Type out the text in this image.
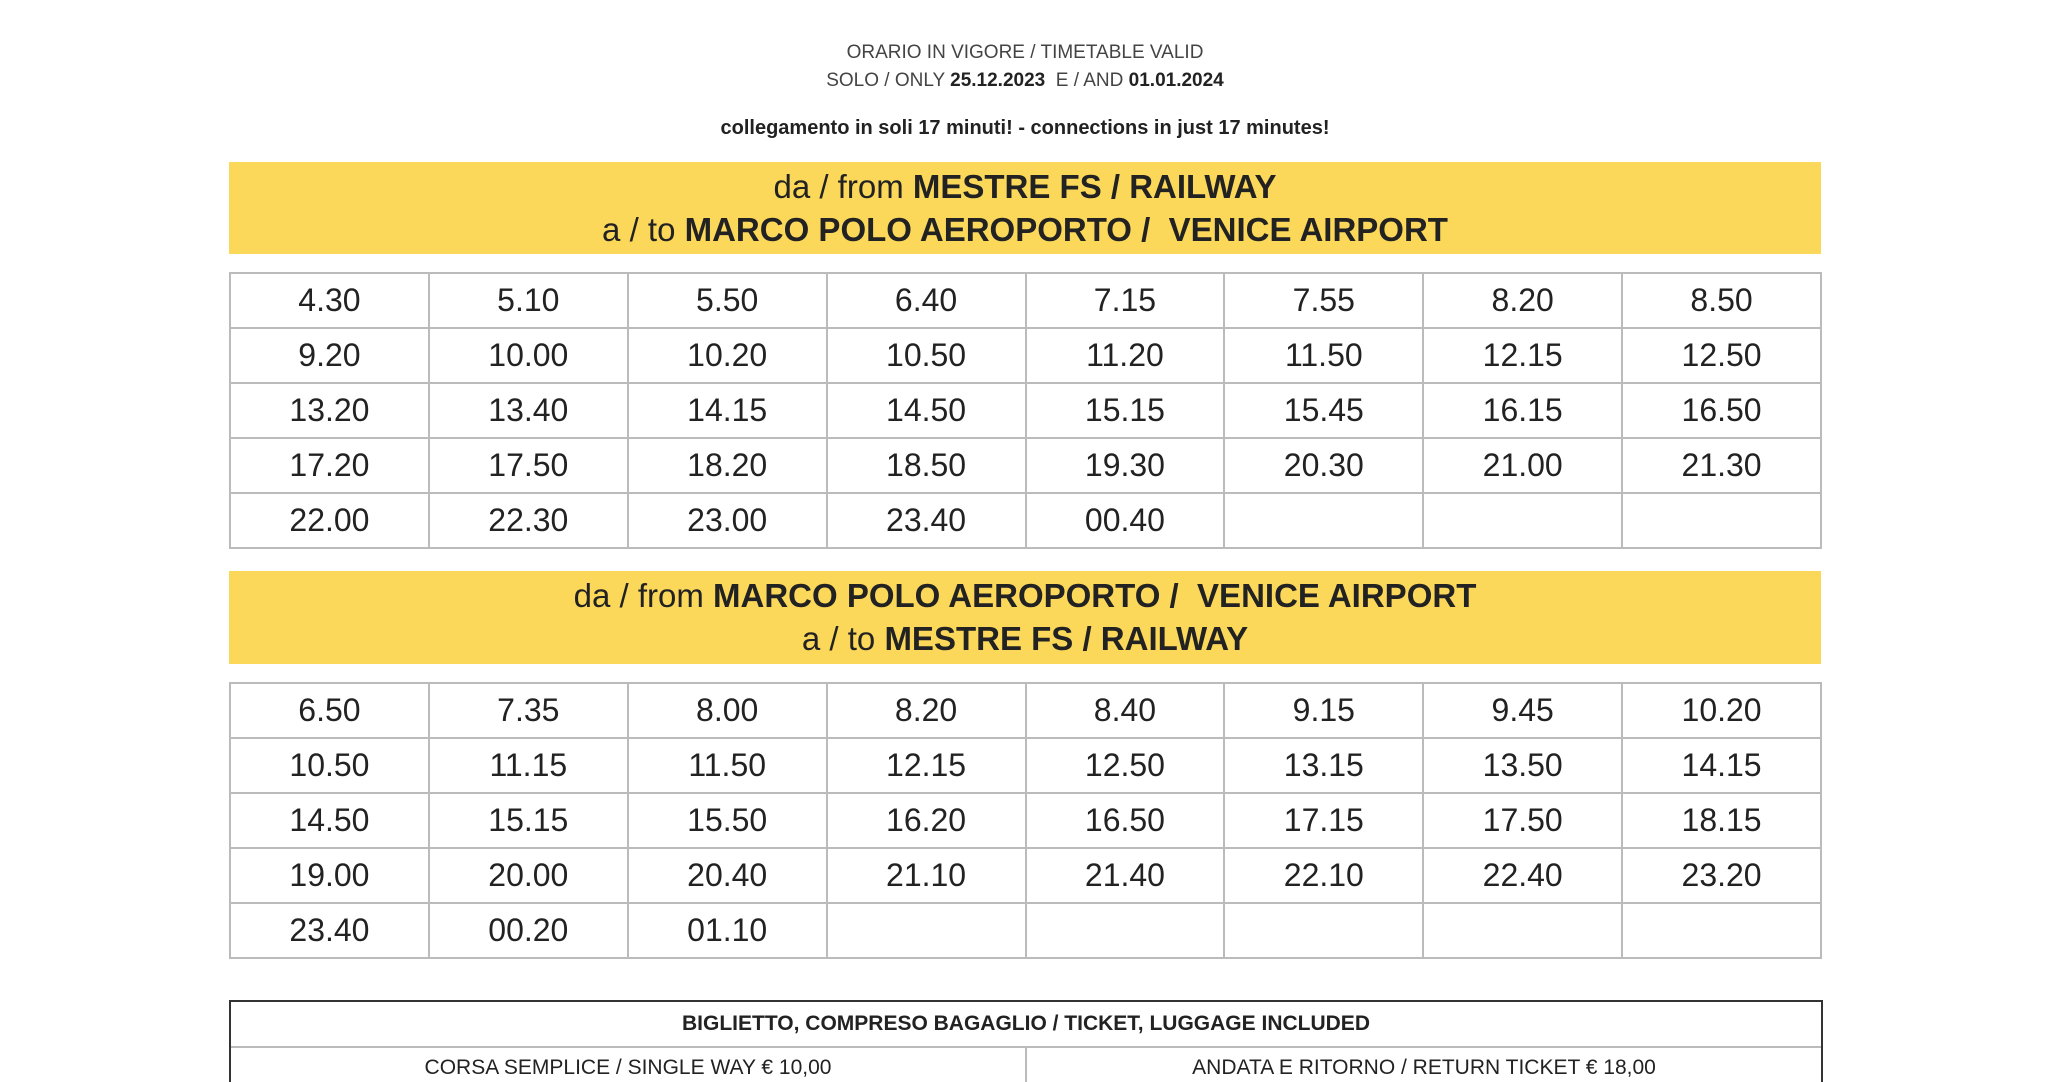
ORARIO IN VIGORE / TIMETABLE VALID
SOLO / ONLY 25.12.2023  E / AND 01.01.2024
collegamento in soli 17 minuti! - connections in just 17 minutes!
da / from MESTRE FS / RAILWAY
a / to MARCO POLO AEROPORTO /  VENICE AIRPORT
4.30	5.10	5.50	6.40	7.15	7.55	8.20	8.50
9.20	10.00	10.20	10.50	11.20	11.50	12.15	12.50
13.20	13.40	14.15	14.50	15.15	15.45	16.15	16.50
17.20	17.50	18.20	18.50	19.30	20.30	21.00	21.30
22.00	22.30	23.00	23.40	00.40			
da / from MARCO POLO AEROPORTO /  VENICE AIRPORT
a / to MESTRE FS / RAILWAY
6.50	7.35	8.00	8.20	8.40	9.15	9.45	10.20
10.50	11.15	11.50	12.15	12.50	13.15	13.50	14.15
14.50	15.15	15.50	16.20	16.50	17.15	17.50	18.15
19.00	20.00	20.40	21.10	21.40	22.10	22.40	23.20
23.40	00.20	01.10					
BIGLIETTO, COMPRESO BAGAGLIO / TICKET, LUGGAGE INCLUDED
CORSA SEMPLICE / SINGLE WAY € 10,00	ANDATA E RITORNO / RETURN TICKET € 18,00
